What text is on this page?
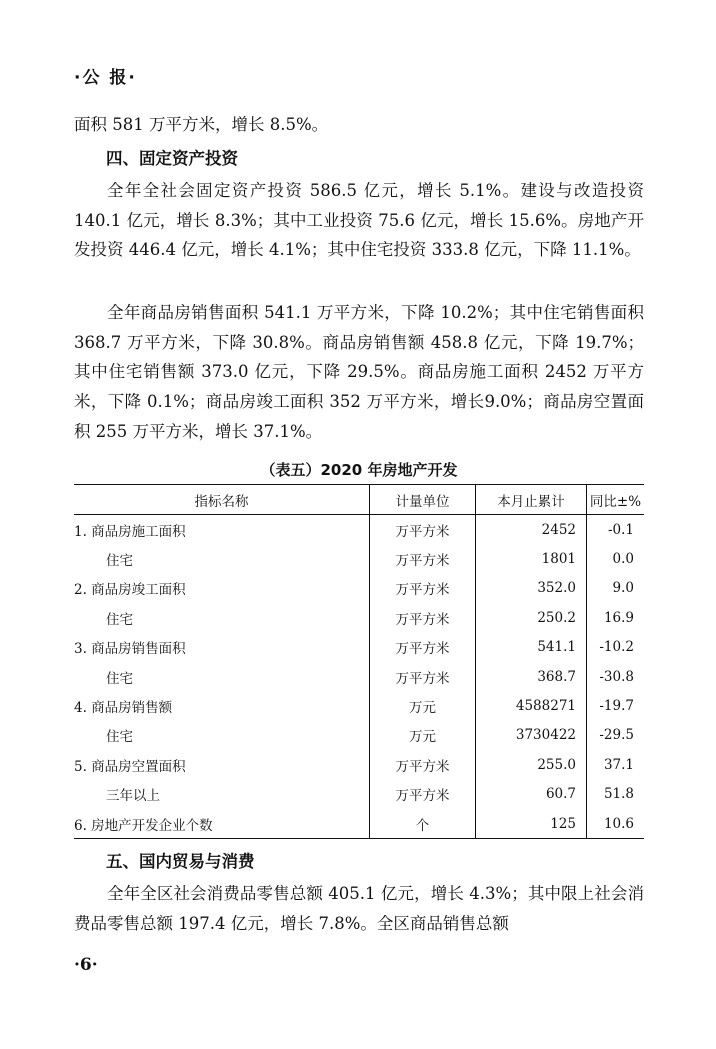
·公 报·

面积 581 万平方米，增长 8.5%。

四、固定资产投资

全年全社会固定资产投资 586.5 亿元，增长 5.1%。建设与改造投资 140.1 亿元，增长 8.3%；其中工业投资 75.6 亿元，增长 15.6%。房地产开发投资 446.4 亿元，增长 4.1%；其中住宅投资 333.8 亿元，下降 11.1%。

全年商品房销售面积 541.1 万平方米，下降 10.2%；其中住宅销售面积 368.7 万平方米，下降 30.8%。商品房销售额 458.8 亿元，下降 19.7%；其中住宅销售额 373.0 亿元，下降 29.5%。商品房施工面积 2452 万平方米，下降 0.1%；商品房竣工面积 352 万平方米，增长9.0%；商品房空置面积 255 万平方米，增长 37.1%。

（表五）2020 年房地产开发

指标名称	计量单位	本月止累计	同比±%
1. 商品房施工面积	万平方米	2452	-0.1
住宅	万平方米	1801	0.0
2. 商品房竣工面积	万平方米	352.0	9.0
住宅	万平方米	250.2	16.9
3. 商品房销售面积	万平方米	541.1	-10.2
住宅	万平方米	368.7	-30.8
4. 商品房销售额	万元	4588271	-19.7
住宅	万元	3730422	-29.5
5. 商品房空置面积	万平方米	255.0	37.1
三年以上	万平方米	60.7	51.8
6. 房地产开发企业个数	个	125	10.6

五、国内贸易与消费

全年全区社会消费品零售总额 405.1 亿元，增长 4.3%；其中限上社会消费品零售总额 197.4 亿元，增长 7.8%。全区商品销售总额

·6·
